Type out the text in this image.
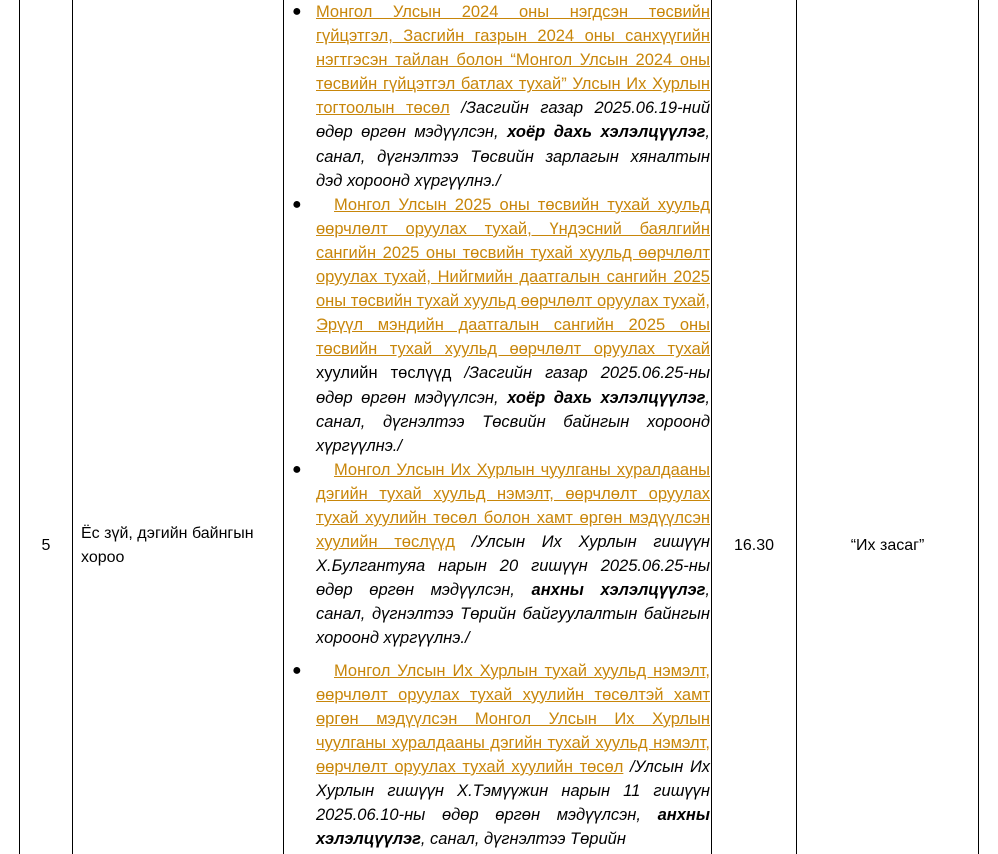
5
Ёс зүй, дэгийн байнгын хороо
● Монгол Улсын 2024 оны нэгдсэн төсвийн гүйцэтгэл, Засгийн газрын 2024 оны санхүүгийн нэгтгэсэн тайлан болон “Монгол Улсын 2024 оны төсвийн гүйцэтгэл батлах тухай” Улсын Их Хурлын тогтоолын төсөл /Засгийн газар 2025.06.19-ний өдөр өргөн мэдүүлсэн, хоёр дахь хэлэлцүүлэг, санал, дүгнэлтээ Төсвийн зарлагын хяналтын дэд хороонд хүргүүлнэ./
● Монгол Улсын 2025 оны төсвийн тухай хуульд өөрчлөлт оруулах тухай, Үндэсний баялгийн сангийн 2025 оны төсвийн тухай хуульд өөрчлөлт оруулах тухай, Нийгмийн даатгалын сангийн 2025 оны төсвийн тухай хуульд өөрчлөлт оруулах тухай, Эрүүл мэндийн даатгалын сангийн 2025 оны төсвийн тухай хуульд өөрчлөлт оруулах тухай хуулийн төслүүд /Засгийн газар 2025.06.25-ны өдөр өргөн мэдүүлсэн, хоёр дахь хэлэлцүүлэг, санал, дүгнэлтээ Төсвийн байнгын хороонд хүргүүлнэ./
● Монгол Улсын Их Хурлын чуулганы хуралдааны дэгийн тухай хуульд нэмэлт, өөрчлөлт оруулах тухай хуулийн төсөл болон хамт өргөн мэдүүлсэн хуулийн төслүүд /Улсын Их Хурлын гишүүн Х.Булгантуяа нарын 20 гишүүн 2025.06.25-ны өдөр өргөн мэдүүлсэн, анхны хэлэлцүүлэг, санал, дүгнэлтээ Төрийн байгуулалтын байнгын хороонд хүргүүлнэ./
● Монгол Улсын Их Хурлын тухай хуульд нэмэлт, өөрчлөлт оруулах тухай хуулийн төсөлтэй хамт өргөн мэдүүлсэн Монгол Улсын Их Хурлын чуулганы хуралдааны дэгийн тухай хуульд нэмэлт, өөрчлөлт оруулах тухай хуулийн төсөл /Улсын Их Хурлын гишүүн Х.Тэмүүжин нарын 11 гишүүн 2025.06.10-ны өдөр өргөн мэдүүлсэн, анхны хэлэлцүүлэг, санал, дүгнэлтээ Төрийн
16.30	“Их засаг”
